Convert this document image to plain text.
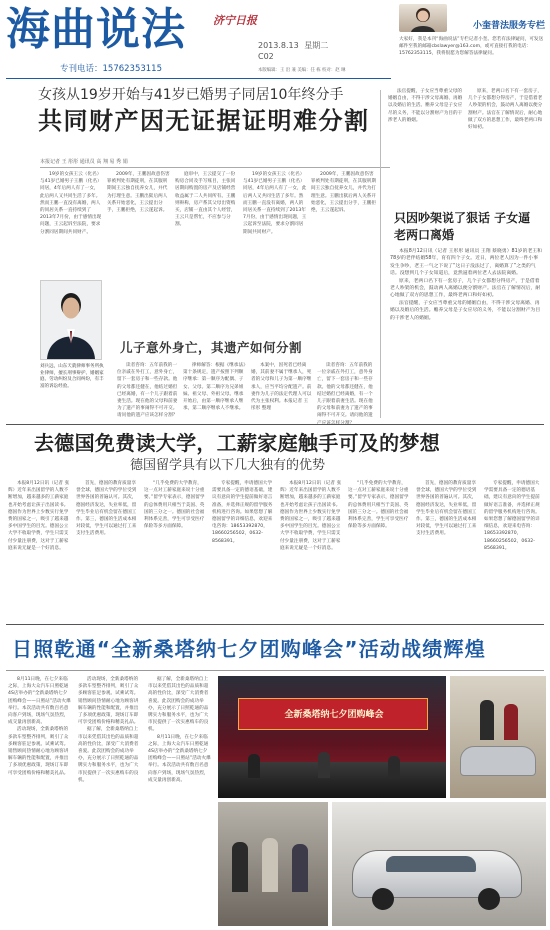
海曲说法 济宁日报
专刊电话：15762353115
2013.8.13 星期二
C02
本版编辑：王 沿 兼 美编：任 栋 校对：赵 琳
小奎普法服务专栏
大家好，我是本刊“海曲说法”专栏记者小奎。您若有法律疑问，可发送邮件至我的邮箱cbslawyer@163.com，或可直接打我的电话：15762353115，我将很愿为您解答法律疑问。
女孩从19岁开始与41岁已婚男子同居10年终分手
共同财产因无证据证明难分割
本报记者 王 彤彤 通讯员 高 翔 易 秀 娟

19岁的女孩王云（化名）与41岁已婚男子王鹏（化名）同居，4年后两人有了一女，此后两人又共同生活了多年。然而王鹏一直没有离婚，两人的同居关系一直持续到了2013年7月份，由于感情出现问题，王云起诉至法院，要求分割同居期间共同财产。

2009年，王鹏因故意伤害罪被判处有期徒刑，在其服刑期间王云独自抚养女儿，并代为打理生意。王鹏出狱后两人关系开始恶化，王云提出分手，王鹏拒绝，王云遂起诉。

庭审中，王云提交了一份购房合同及手写账目，主张同居期间购置的房产及店铺经营收益属于二人共同所有。王鹏则辩称，房产系其父母出资购买，店铺一直由其个人经营，王云只是帮忙，不应参与分割。

19岁的女孩王云（化名）与41岁已婚男子王鹏（化名）同居，4年后两人有了一女，此后两人又共同生活了多年。然而王鹏一直没有离婚，两人的同居关系一直持续到了2013年7月份，由于感情出现问题，王云起诉至法院，要求分割同居期间共同财产。

2009年，王鹏因故意伤害罪被判处有期徒刑，在其服刑期间王云独自抚养女儿，并代为打理生意。王鹏出狱后两人关系开始恶化，王云提出分手，王鹏拒绝，王云遂起诉。

刘兵远，山东天就律师事务所执业律师，擅长刑事辩护、婚姻家庭、劳动纠纷及合同纠纷，有丰富的诉讼经验。
儿子意外身亡，其遗产如何分割

读者咨询：五年前我的一位亲戚在外打工，意外身亡，留下一套房子和一些存款。他的父母都还健在，他结过婚但已经离婚，有一个儿子跟着前妻生活。现在他的父母和前妻为了遗产的事闹得不可开交。请问他的遗产应该怎样分割？

律师解答：根据《继承法》第十条规定，遗产按照下列顺序继承：第一顺序为配偶、子女、父母。第二顺序为兄弟姐妹、祖父母、外祖父母。继承开始后，由第一顺序继承人继承，第二顺序继承人不继承。

本案中，因死者已经离婚，其前妻不属于继承人，死者的父母和儿子为第一顺序继承人，应当平均分配遗产。前妻作为儿子的法定代理人可以代为主张权利。本报记者 王 彤彤 整理

读者咨询：五年前我的一位亲戚在外打工，意外身亡，留下一套房子和一些存款。他的父母都还健在，他结过婚但已经离婚，有一个儿子跟着前妻生活。现在他的父母和前妻为了遗产的事闹得不可开交。请问他的遗

法官提醒，子女应当尊重父母的婚姻自由，不得干涉父母离婚、再婚以及婚后的生活。赡养父母是子女应尽的义务，不能以分割财产为目的干涉老人的婚姻。

原来，老两口名下有一套房子，几个子女都想分得房产，于是借着老人吵架的机会，鼓动两人离婚以便分割财产。法官在了解情况后，耐心地做了双方的思想工作，最终老两口和好如初。

只因吵架说了狠话 子女逼老两口离婚

本报8月12日讯（记者 王彤彤 通讯员 王翔 蔡晓勇）81岁的老王和78岁的老伴结婚58年，育有四个子女。近日，两位老人因为一件小事发生争吵，老王一气之下说了“这日子没法过了，离婚算了”之类的气话。没想到几个子女知道后，竟然逼着两位老人去法院离婚。

原来，老两口名下有一套房子，几个子女都想分得房产，于是借着老人吵架的机会，鼓动两人离婚以便分割财产。法官在了解情况后，耐心地做了双方的思想工作，最终老两口和好如初。

法官提醒，子女应当尊重父母的婚姻自由，不得干涉父母离婚、再婚以及婚后的生活。赡养父母是子女应尽的义务，不能以分割财产为目的干涉老人的婚姻。

去德国免费读大学，工薪家庭触手可及的梦想
德国留学具有以下几大独有的优势

本报8月12日讯（记者 张辉）近年来出国留学的人数不断增加，越来越多的工薪家庭也开始考虑让孩子出国读书。德国作为世界上少数实行免学费的国家之一，吸引了越来越多中国学生的目光。德国公立大学不收取学费，学生只需支付少量注册费，这对于工薪家庭来说无疑是一个好消息。

首先，德国的教育质量享誉全球，德国大学的学位受到世界各国的普遍认可。其次，德国经济发达，失业率低，留学生毕业后有机会留在德国工作。第三，德国的生活成本相对较低，学生可以通过打工来支付生活费用。

“几乎免费的大学教育，这一点对工薪家庭来说十分重要。”留学专家表示，德国留学的总体费用只相当于美国、英国的三分之一。德国的社会福利体系完善，学生可享受医疗保险等多方面保障。

专家提醒，申请德国大学需要具备一定的德语基础，建议有意向的学生提前做好语言准备，并选择正规的留学服务机构进行咨询。如果您想了解德国留学的详细信息，欢迎来电咨询：18653392870，18660256502，0632-8568391。

本报8月12日讯（记者 张辉）近年来出国留学的人数不断增加，越来越多的工薪家庭也开始考虑让孩子出国读书。德国作为世界上少数实行免学费的国家之一，吸引了越来越多中国学生的目光。德国公立大学不收取学费，学生只需支付少量注册费，这对于工薪家庭来说无疑是一个好消息。

“几乎免费的大学教育，这一点对工薪家庭来说十分重要。”留学专家表示，德国留学的总体费用只相当于美国、英国的三分之一。德国的社会福利体系完善，学生可享受医疗保险等多方面保障。

首先，德国的教育质量享誉全球，德国大学的学位受到世界各国的普遍认可。其次，德国经济发达，失业率低，留学生毕业后有机会留在德国工作。第三，德国的生活成本相对较低，学生可以通过打工来支付生活费用。

专家提醒，申请德国大学需要具备一定的德语基础，建议有意向的学生提前做好语言准备，并选择正规的留学服务机构进行咨询。如果您想了解德国留学的详细信息，欢迎来电咨询：18653392870，18660256502，0632-8568391。

日照乾通“全新桑塔纳七夕团购峰会”活动战绩辉煌

8月11日晚，在七夕来临之际，上海大众汽车日照乾通4S店举办的“全新桑塔纳七夕团购峰会——日照站”活动火爆举行。本次活动共有数百名意向客户到场，现场气氛热烈，成交量再创新高。

活动现场，全新桑塔纳的多款车型整齐排列，吸引了众多顾客驻足参观、试乘试驾。销售顾问热情耐心地为顾客讲解车辆的性能和配置，并推出了多项优惠政策，现场订车即可享受团购价格和精美礼品。

活动现场，全新桑塔纳的多款车型整齐排列，吸引了众多顾客驻足参观、试乘试驾。销售顾问热情耐心地为顾客讲解车辆的性能和配置，并推出了多项优惠政策，现场订车即可享受团购价格和精美礼品。

据了解，全新桑塔纳自上市以来凭借其出色的品质和超高的性价比，深受广大消费者喜爱。此次团购会的成功举办，充分展示了日照乾通的品牌实力和服务水平，也为广大市民提供了一次实惠购车的良机。

据了解，全新桑塔纳自上市以来凭借其出色的品质和超高的性价比，深受广大消费者喜爱。此次团购会的成功举办，充分展示了日照乾通的品牌实力和服务水平，也为广大市民提供了一次实惠购车的良机。

8月11日晚，在七夕来临之际，上海大众汽车日照乾通4S店举办的“全新桑塔纳七夕团购峰会——日照站”活动火爆举行。本次活动共有数百名意向客户到场，现场气氛热烈，成交量再创新高。

全新桑塔纳七夕团购峰会
